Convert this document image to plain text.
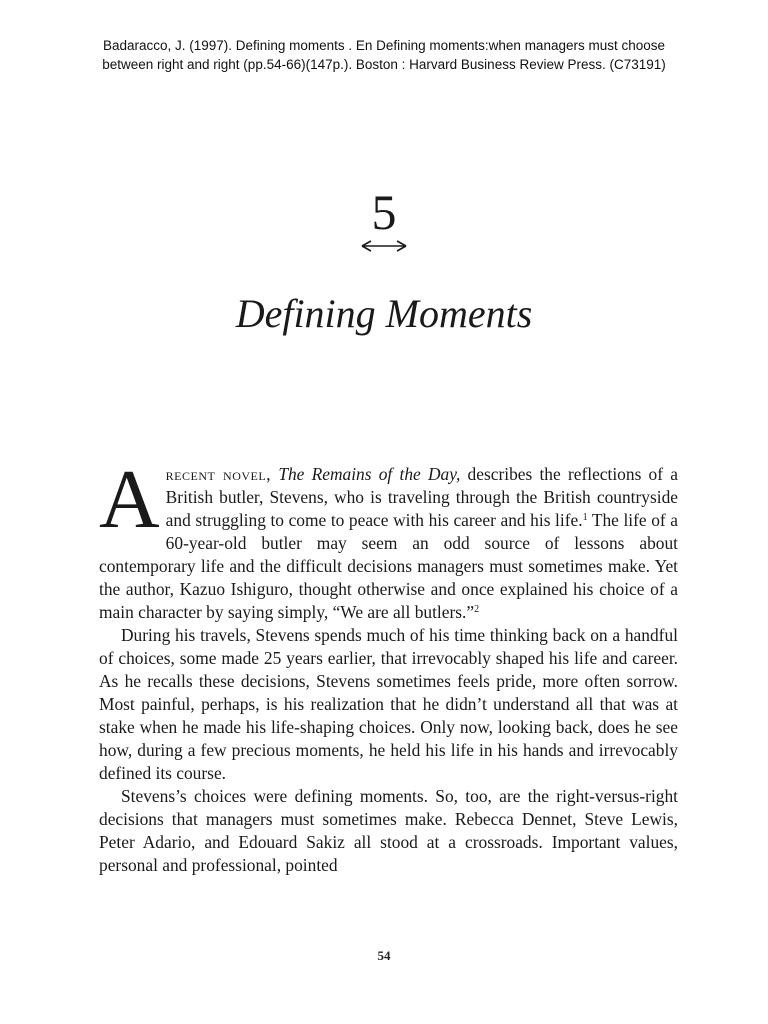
Badaracco, J. (1997). Defining moments . En Defining moments:when managers must choose
between right and right (pp.54-66)(147p.). Boston : Harvard Business Review Press. (C73191)
5
Defining Moments

Arecent novel, The Remains of the Day, describes the reflections of a British butler, Stevens, who is traveling through the British countryside and struggling to come to peace with his career and his life.$^1$ The life of a 60-year-old butler may seem an odd source of lessons about contemporary life and the difficult decisions managers must sometimes make. Yet the author, Kazuo Ishiguro, thought otherwise and once explained his choice of a main character by saying simply, “We are all butlers.”$^2$

During his travels, Stevens spends much of his time thinking back on a handful of choices, some made 25 years earlier, that irrevocably shaped his life and career. As he recalls these decisions, Stevens sometimes feels pride, more often sorrow. Most painful, perhaps, is his realization that he didn’t understand all that was at stake when he made his life-shaping choices. Only now, looking back, does he see how, during a few precious moments, he held his life in his hands and irrevocably defined its course.

Stevens’s choices were defining moments. So, too, are the right-versus-right decisions that managers must sometimes make. Rebecca Dennet, Steve Lewis, Peter Adario, and Edouard Sakiz all stood at a crossroads. Important values, personal and professional, pointed

54
